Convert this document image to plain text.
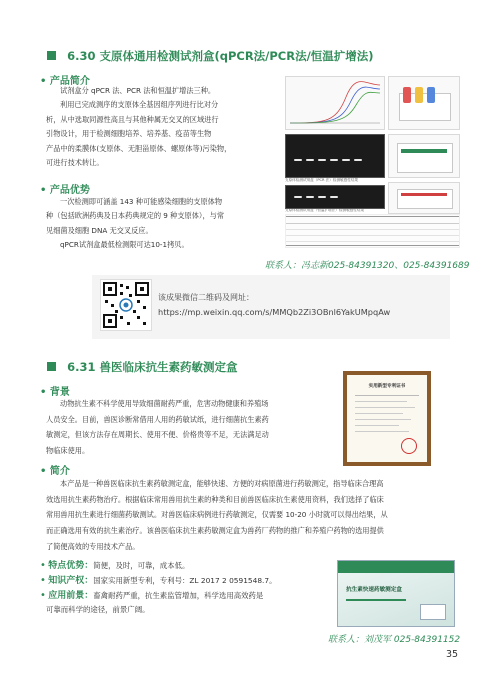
6.30 支原体通用检测试剂盒(qPCR法/PCR法/恒温扩增法)
• 产品简介
试剂盒分 qPCR 法、PCR 法和恒温扩增法三种。
利用已完成测序的支原体全基因组序列进行比对分
析，从中选取同源性高且与其他种属无交叉的区域进行
引物设计，用于检测细胞培养、培养基、疫苗等生物
产品中的柔膜体(支原体、无胆甾原体、螺原体等)污染物，
可进行技术转让。
• 产品优势
一次检测即可涵盖 143 种可能感染细胞的支原体物
种（包括欧洲药典及日本药典规定的 9 种支原体），与常
见细菌及细胞 DNA 无交叉反应。
qPCR试剂盒最低检测限可达10-1拷贝。
支原体检测试剂盒（PCR 法）检测敏感性结果
支原体检测试剂盒（恒温扩增法）检测敏感性结果
联系人：冯志新025-84391320、025-84391689
该成果微信二维码及网址：
https://mp.weixin.qq.com/s/MMQb2Zi3OBnl6YakUMpqAw
6.31 兽医临床抗生素药敏测定盒
• 背景
动物抗生素不科学使用导致细菌耐药严重，危害动物健康和养殖场
人员安全。目前，兽医诊断常借用人用的药敏试纸，进行细菌抗生素药
敏测定，但该方法存在周期长、使用不便、价格贵等不足，无法满足动
物临床使用。
实用新型专利证书
• 简介
本产品是一种兽医临床抗生素药敏测定盒，能够快速、方便的对病原菌进行药敏测定，指导临床合理高
效选用抗生素药物治疗。根据临床常用兽用抗生素的种类和目前兽医临床抗生素使用资料，我们选择了临床
常用兽用抗生素进行细菌药敏测试。对兽医临床病例进行药敏测定，仅需要 10-20 小时就可以得出结果，从
而正确选用有效的抗生素治疗。该兽医临床抗生素药敏测定盒为兽药厂药物的推广和养殖户药物的选用提供
了简便高效的专用技术产品。
• 特点优势：简便，及时，可靠，成本低。
• 知识产权：国家实用新型专利，专利号：ZL 2017 2 0591548.7。
• 应用前景：畜禽耐药严重，抗生素监管增加，科学选用高效药是
可靠而科学的途径，前景广阔。
抗生素快速药敏测定盒
联系人：刘茂军 025-84391152
35
